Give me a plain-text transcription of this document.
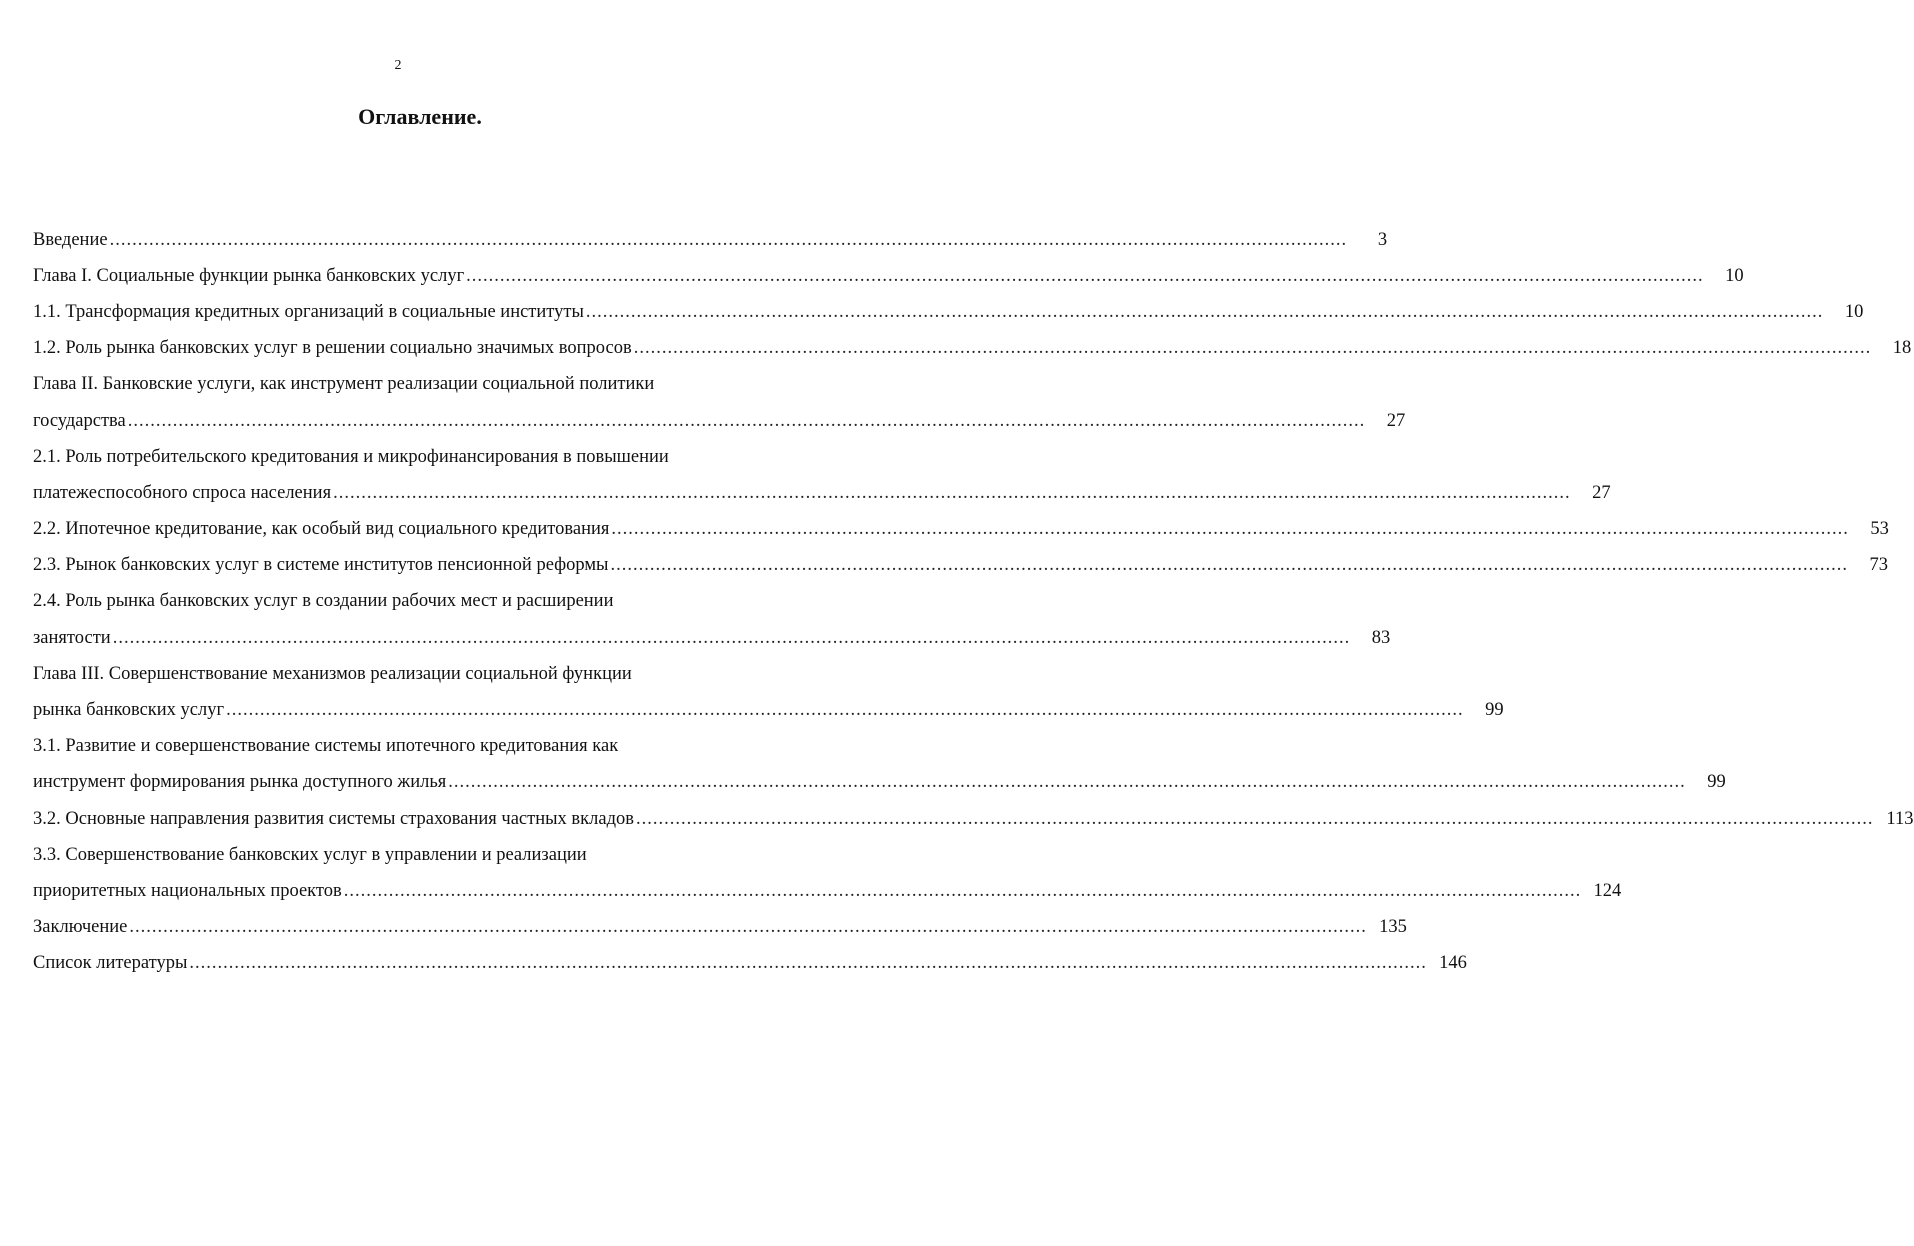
2
Оглавление.
Введение ............................................................................................................................................................................................................................	3
Глава I. Социальные функции рынка банковских услуг ............................................................................................................................................................................................................................	10
1.1. Трансформация кредитных организаций в социальные институты ............................................................................................................................................................................................................................	10
1.2. Роль рынка банковских услуг в решении социально значимых вопросов ............................................................................................................................................................................................................................	18
Глава II. Банковские услуги, как инструмент реализации социальной политики
государства ............................................................................................................................................................................................................................	27
2.1. Роль потребительского кредитования и микрофинансирования в повышении
платежеспособного спроса населения ............................................................................................................................................................................................................................	27
2.2. Ипотечное кредитование, как особый вид социального кредитования ............................................................................................................................................................................................................................	53
2.3. Рынок банковских услуг в системе институтов пенсионной реформы ............................................................................................................................................................................................................................	73
2.4. Роль рынка банковских услуг в создании рабочих мест и расширении
занятости ............................................................................................................................................................................................................................	83
Глава III. Совершенствование механизмов реализации социальной функции
рынка банковских услуг ............................................................................................................................................................................................................................	99
3.1. Развитие и совершенствование системы ипотечного кредитования как
инструмент формирования рынка доступного жилья ............................................................................................................................................................................................................................	99
3.2. Основные направления развития системы страхования частных вкладов ............................................................................................................................................................................................................................ 113
3.3. Совершенствование банковских услуг в управлении и реализации
приоритетных национальных проектов ............................................................................................................................................................................................................................ 124
Заключение ............................................................................................................................................................................................................................ 135
Список литературы ............................................................................................................................................................................................................................ 146
